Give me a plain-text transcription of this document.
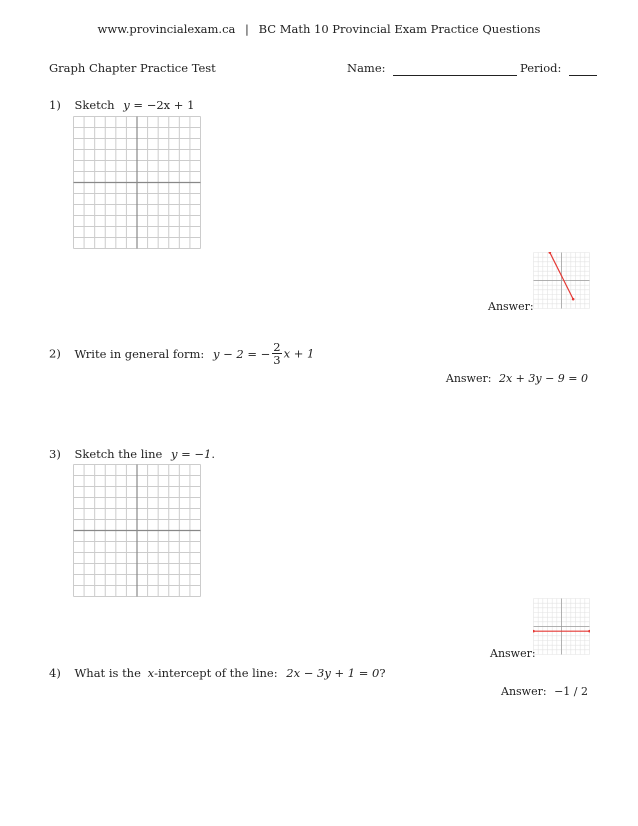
www.provincialexam.ca | BC Math 10 Provincial Exam Practice Questions
Graph Chapter Practice Test	Name:	Period:
1) Sketch y = −2x + 1
Answer:
2) Write in general form: y − 2 = − $\frac{2}{3}$ x + 1
Answer: 2x + 3y − 9 = 0
3) Sketch the line y = −1.
Answer:
4) What is the x-intercept of the line: 2x − 3y + 1 = 0?
Answer: −1 / 2
